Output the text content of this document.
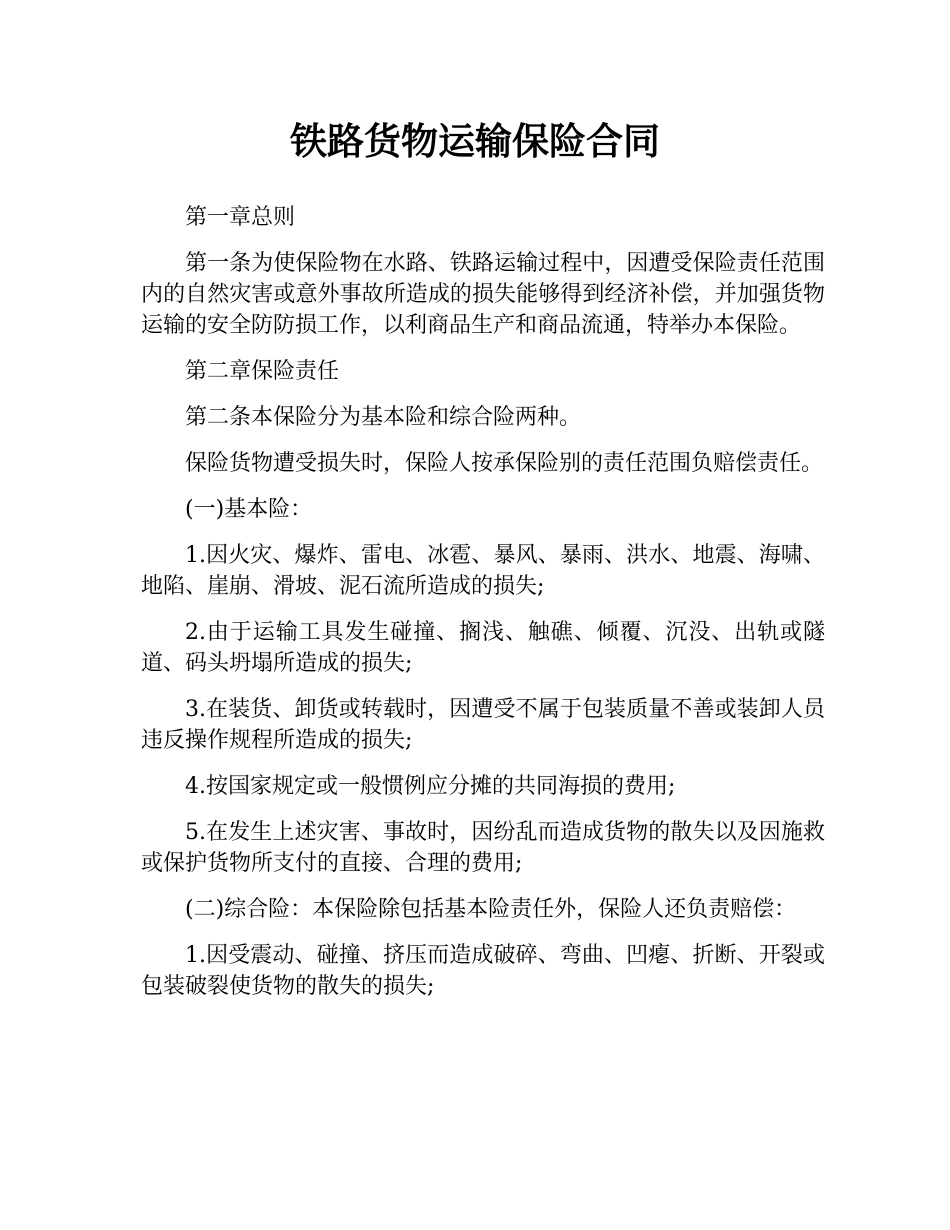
铁路货物运输保险合同

第一章总则

第一条为使保险物在水路、铁路运输过程中，因遭受保险责任范围内的自然灾害或意外事故所造成的损失能够得到经济补偿，并加强货物运输的安全防防损工作，以利商品生产和商品流通，特举办本保险。

第二章保险责任

第二条本保险分为基本险和综合险两种。

保险货物遭受损失时，保险人按承保险别的责任范围负赔偿责任。

(一)基本险：

1.因火灾、爆炸、雷电、冰雹、暴风、暴雨、洪水、地震、海啸、地陷、崖崩、滑坡、泥石流所造成的损失;

2.由于运输工具发生碰撞、搁浅、触礁、倾覆、沉没、出轨或隧道、码头坍塌所造成的损失;

3.在装货、卸货或转载时，因遭受不属于包装质量不善或装卸人员违反操作规程所造成的损失;

4.按国家规定或一般惯例应分摊的共同海损的费用;

5.在发生上述灾害、事故时，因纷乱而造成货物的散失以及因施救或保护货物所支付的直接、合理的费用;

(二)综合险：本保险除包括基本险责任外，保险人还负责赔偿：

1.因受震动、碰撞、挤压而造成破碎、弯曲、凹瘪、折断、开裂或包装破裂使货物的散失的损失;
